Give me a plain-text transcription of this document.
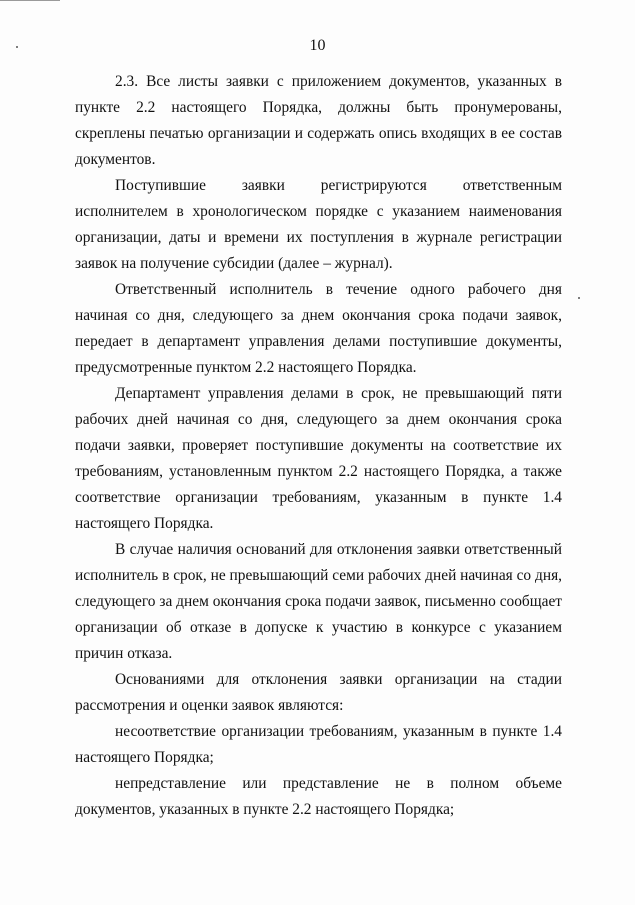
10

2.3. Все листы заявки с приложением документов, указанных в пункте 2.2 настоящего Порядка, должны быть пронумерованы, скреплены печатью организации и содержать опись входящих в ее состав документов.

Поступившие заявки регистрируются ответственным исполнителем в хронологическом порядке с указанием наименования организации, даты и времени их поступления в журнале регистрации заявок на получение субсидии (далее – журнал).

Ответственный исполнитель в течение одного рабочего дня начиная со дня, следующего за днем окончания срока подачи заявок, передает в департамент управления делами поступившие документы, предусмотренные пунктом 2.2 настоящего Порядка.

Департамент управления делами в срок, не превышающий пяти рабочих дней начиная со дня, следующего за днем окончания срока подачи заявки, проверяет поступившие документы на соответствие их требованиям, установленным пунктом 2.2 настоящего Порядка, а также соответствие организации требованиям, указанным в пункте 1.4 настоящего Порядка.

В случае наличия оснований для отклонения заявки ответственный исполнитель в срок, не превышающий семи рабочих дней начиная со дня, следующего за днем окончания срока подачи заявок, письменно сообщает организации об отказе в допуске к участию в конкурсе с указанием причин отказа.

Основаниями для отклонения заявки организации на стадии рассмотрения и оценки заявок являются:

несоответствие организации требованиям, указанным в пункте 1.4 настоящего Порядка;

непредставление или представление не в полном объеме документов, указанных в пункте 2.2 настоящего Порядка;
